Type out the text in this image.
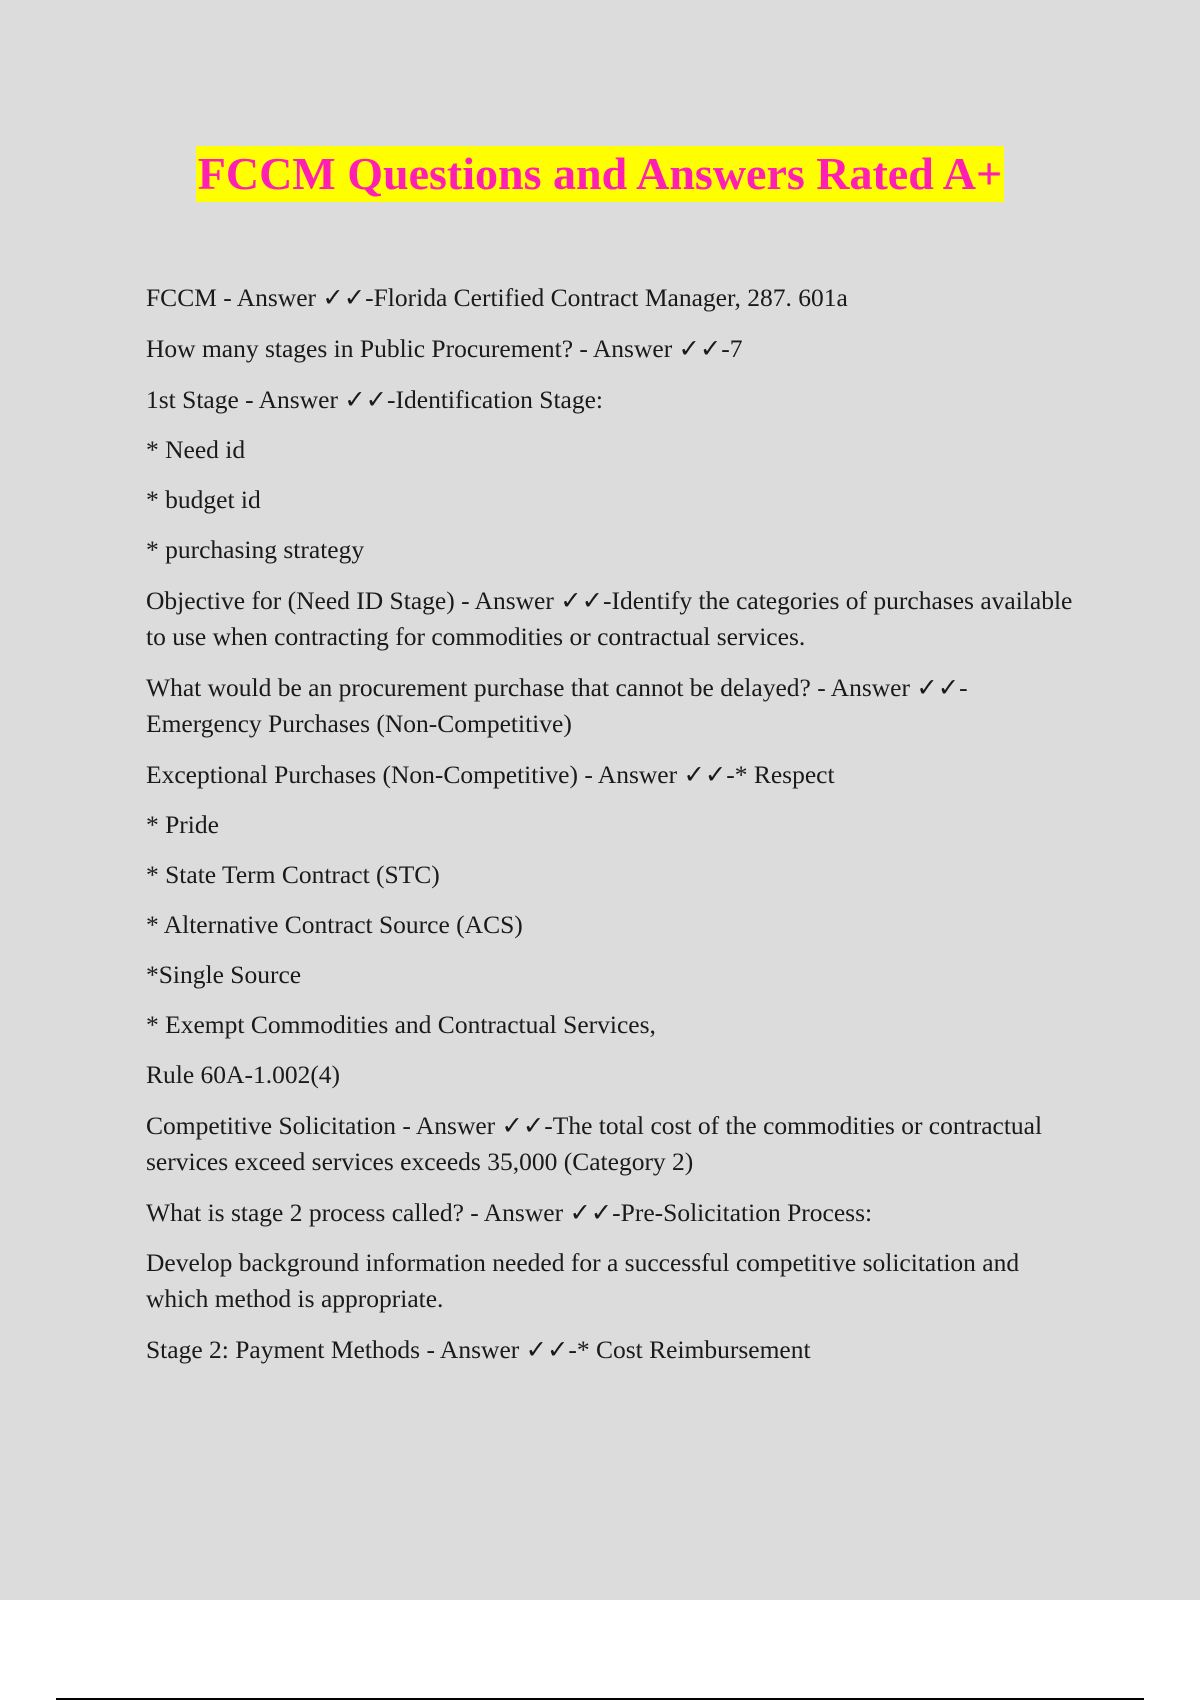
FCCM Questions and Answers Rated A+

FCCM - Answer ✓✓-Florida Certified Contract Manager, 287. 601a

How many stages in Public Procurement? - Answer ✓✓-7

1st Stage - Answer ✓✓-Identification Stage:

* Need id

* budget id

* purchasing strategy

Objective for (Need ID Stage) - Answer ✓✓-Identify the categories of purchases available to use when contracting for commodities or contractual services.

What would be an procurement purchase that cannot be delayed? - Answer ✓✓- Emergency Purchases (Non-Competitive)

Exceptional Purchases (Non-Competitive) - Answer ✓✓-* Respect

* Pride

* State Term Contract (STC)

* Alternative Contract Source (ACS)

*Single Source

* Exempt Commodities and Contractual Services,

Rule 60A-1.002(4)

Competitive Solicitation - Answer ✓✓-The total cost of the commodities or contractual services exceed services exceeds 35,000 (Category 2)

What is stage 2 process called? - Answer ✓✓-Pre-Solicitation Process:

Develop background information needed for a successful competitive solicitation and which method is appropriate.

Stage 2: Payment Methods - Answer ✓✓-* Cost Reimbursement
